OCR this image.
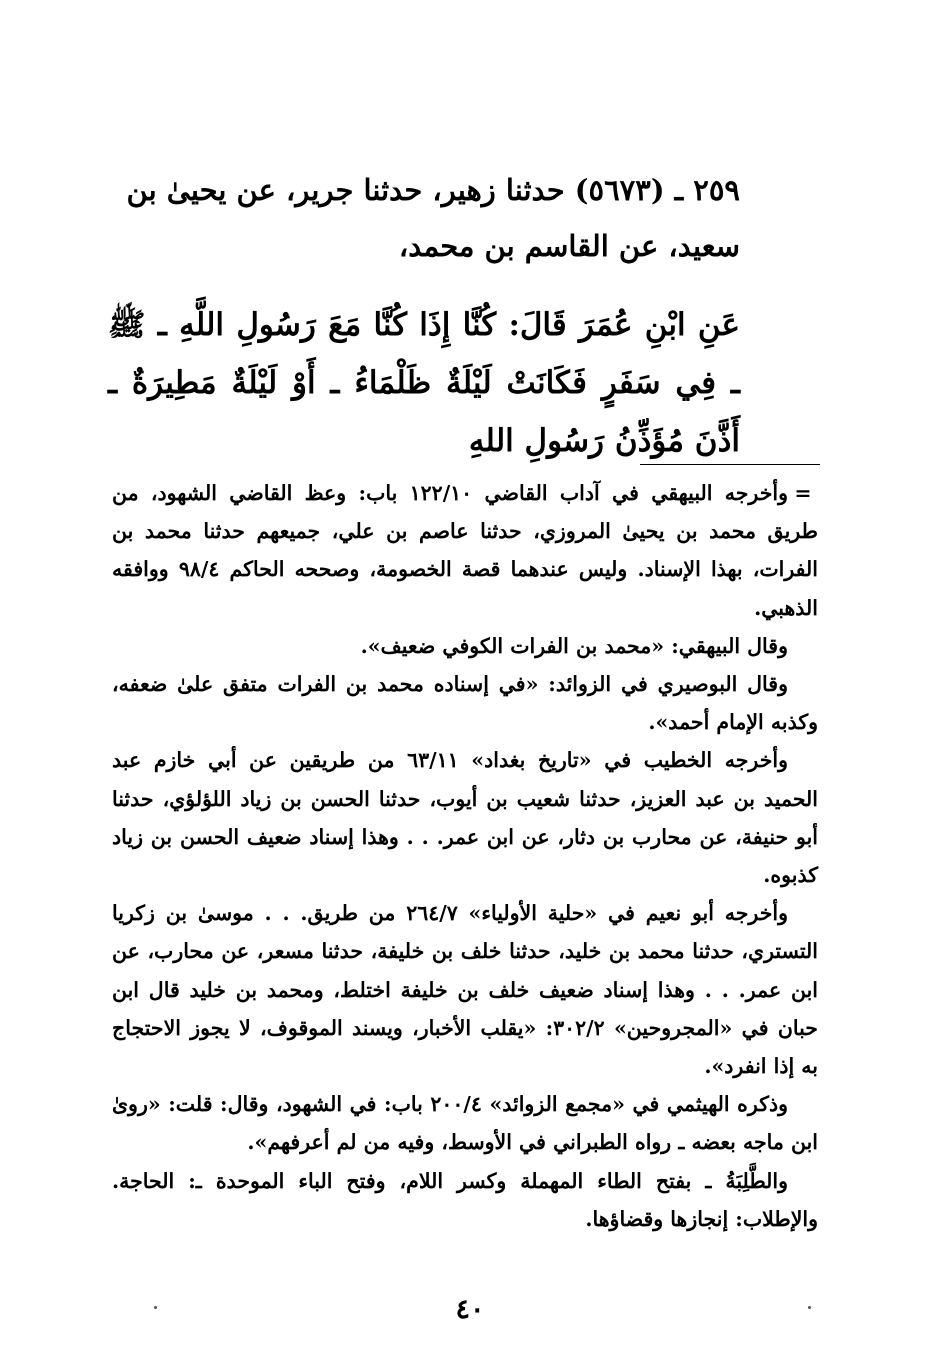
٢٥٩ ـ (٥٦٧٣) حدثنا زهير، حدثنا جرير، عن يحيىٰ بن
سعيد، عن القاسم بن محمد،
عَنِ ابْنِ عُمَرَ قَالَ: كُنَّا إِذَا كُنَّا مَعَ رَسُولِ اللَّهِ ـ ﷺ ـ فِي سَفَرٍ فَكَانَتْ لَيْلَةٌ ظَلْمَاءُ ـ أَوْ لَيْلَةٌ مَطِيرَةٌ ـ أَذَّنَ مُؤَذِّنُ رَسُولِ اللهِ

=وأخرجه البيهقي في آداب القاضي ١٢٢/١٠ باب: وعظ القاضي الشهود، من طريق محمد بن يحيىٰ المروزي، حدثنا عاصم بن علي، جميعهم حدثنا محمد بن الفرات، بهذا الإسناد. وليس عندهما قصة الخصومة، وصححه الحاكم ٩٨/٤ ووافقه الذهبي.

وقال البيهقي: «محمد بن الفرات الكوفي ضعيف».

وقال البوصيري في الزوائد: «في إسناده محمد بن الفرات متفق علىٰ ضعفه، وكذبه الإمام أحمد».

وأخرجه الخطيب في «تاريخ بغداد» ٦٣/١١ من طريقين عن أبي خازم عبد الحميد بن عبد العزيز، حدثنا شعيب بن أيوب، حدثنا الحسن بن زياد اللؤلؤي، حدثنا أبو حنيفة، عن محارب بن دثار، عن ابن عمر. . . وهذا إسناد ضعيف الحسن بن زياد كذبوه.

وأخرجه أبو نعيم في «حلية الأولياء» ٢٦٤/٧ من طريق. . . موسىٰ بن زكريا التستري، حدثنا محمد بن خليد، حدثنا خلف بن خليفة، حدثنا مسعر، عن محارب، عن ابن عمر. . . وهذا إسناد ضعيف خلف بن خليفة اختلط، ومحمد بن خليد قال ابن حبان في «المجروحين» ٣٠٢/٢: «يقلب الأخبار، ويسند الموقوف، لا يجوز الاحتجاج به إذا انفرد».

وذكره الهيثمي في «مجمع الزوائد» ٢٠٠/٤ باب: في الشهود، وقال: قلت: «روىٰ ابن ماجه بعضه ـ رواه الطبراني في الأوسط، وفيه من لم أعرفهم».

والطَّلِبَةُ ـ بفتح الطاء المهملة وكسر اللام، وفتح الباء الموحدة ـ: الحاجة. والإطلاب: إنجازها وقضاؤها.

٤٠
